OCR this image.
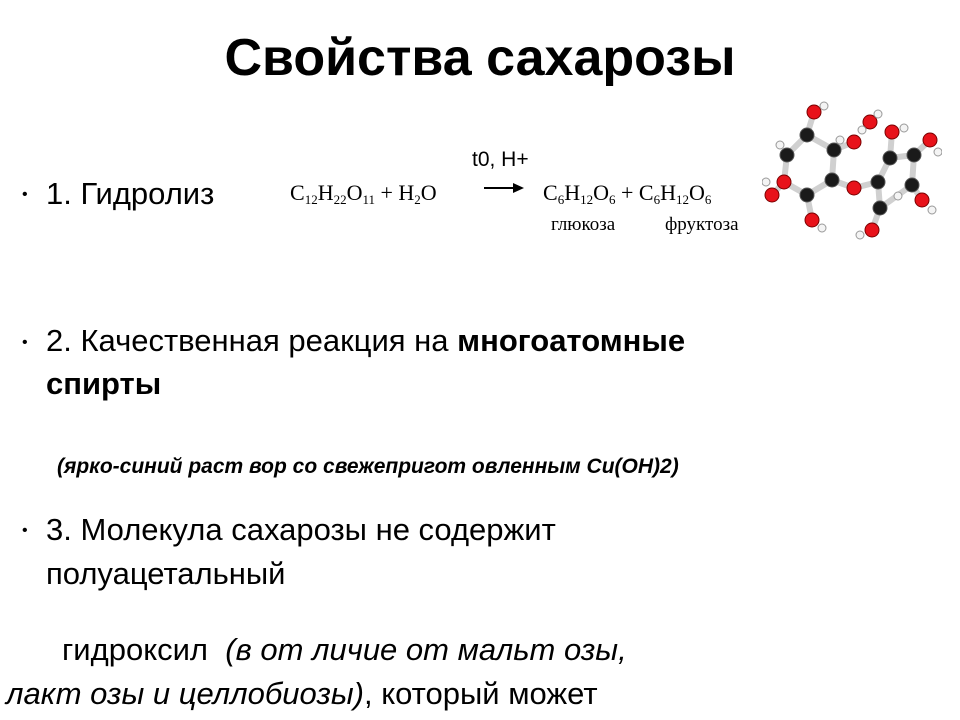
Свойства сахарозы
• 1. Гидролиз
t0, H+
$C_{12}H_{22}O_{11} + H_2O$	→ $C_6H_{12}O_6 + C_6H_{12}O_6$
глюкоза	фруктоза
• 2. Качественная реакция на многоатомные
спирты
(ярко-синий раст вор со свежепригот овленным Cu(OH)2)
• 3. Молекула сахарозы не содержит
полуацетальный
гидроксил (в от личие от мальт озы,
лакт озы и целлобиозы), который может
